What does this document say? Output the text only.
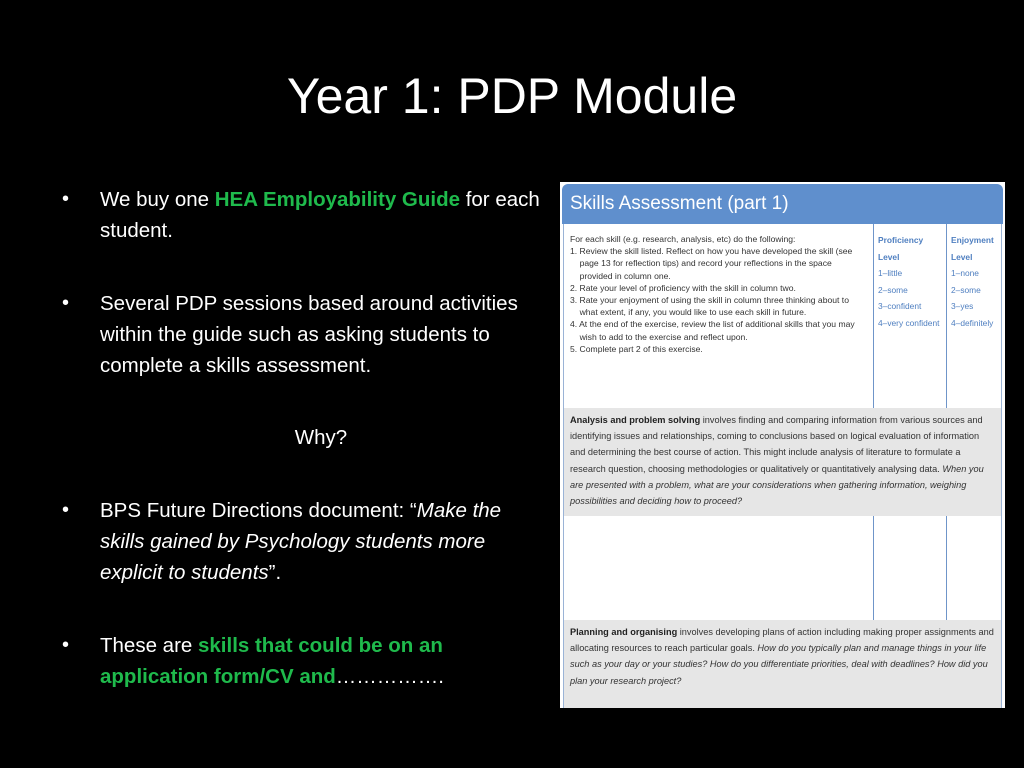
Year 1: PDP Module
• We buy one HEA Employability Guide for each student.
• Several PDP sessions based around activities within the guide such as asking students to complete a skills assessment.
Why?
• BPS Future Directions document: “Make the skills gained by Psychology students more explicit to students”.
• These are skills that could be on an application form/CV and…………….
Skills Assessment (part 1)
For each skill (e.g. research, analysis, etc) do the following:
1. Review the skill listed. Reflect on how you have developed the skill (see
page 13 for reflection tips) and record your reflections in the space
provided in column one.
2. Rate your level of proficiency with the skill in column two.
3. Rate your enjoyment of using the skill in column three thinking about to
what extent, if any, you would like to use each skill in future.
4. At the end of the exercise, review the list of additional skills that you may
wish to add to the exercise and reflect upon.
5. Complete part 2 of this exercise.
Proficiency
Level
1–little
2–some
3–confident
4–very confident
Enjoyment
Level
1–none
2–some
3–yes
4–definitely
Analysis and problem solving involves finding and comparing information from various sources and identifying issues and relationships, coming to conclusions based on logical evaluation of information and determining the best course of action. This might include analysis of literature to formulate a research question, choosing methodologies or qualitatively or quantitatively analysing data. When you are presented with a problem, what are your considerations when gathering information, weighing possibilities and deciding how to proceed?
Planning and organising involves developing plans of action including making proper assignments and allocating resources to reach particular goals. How do you typically plan and manage things in your life such as your day or your studies? How do you differentiate priorities, deal with deadlines? How did you plan your research project?
